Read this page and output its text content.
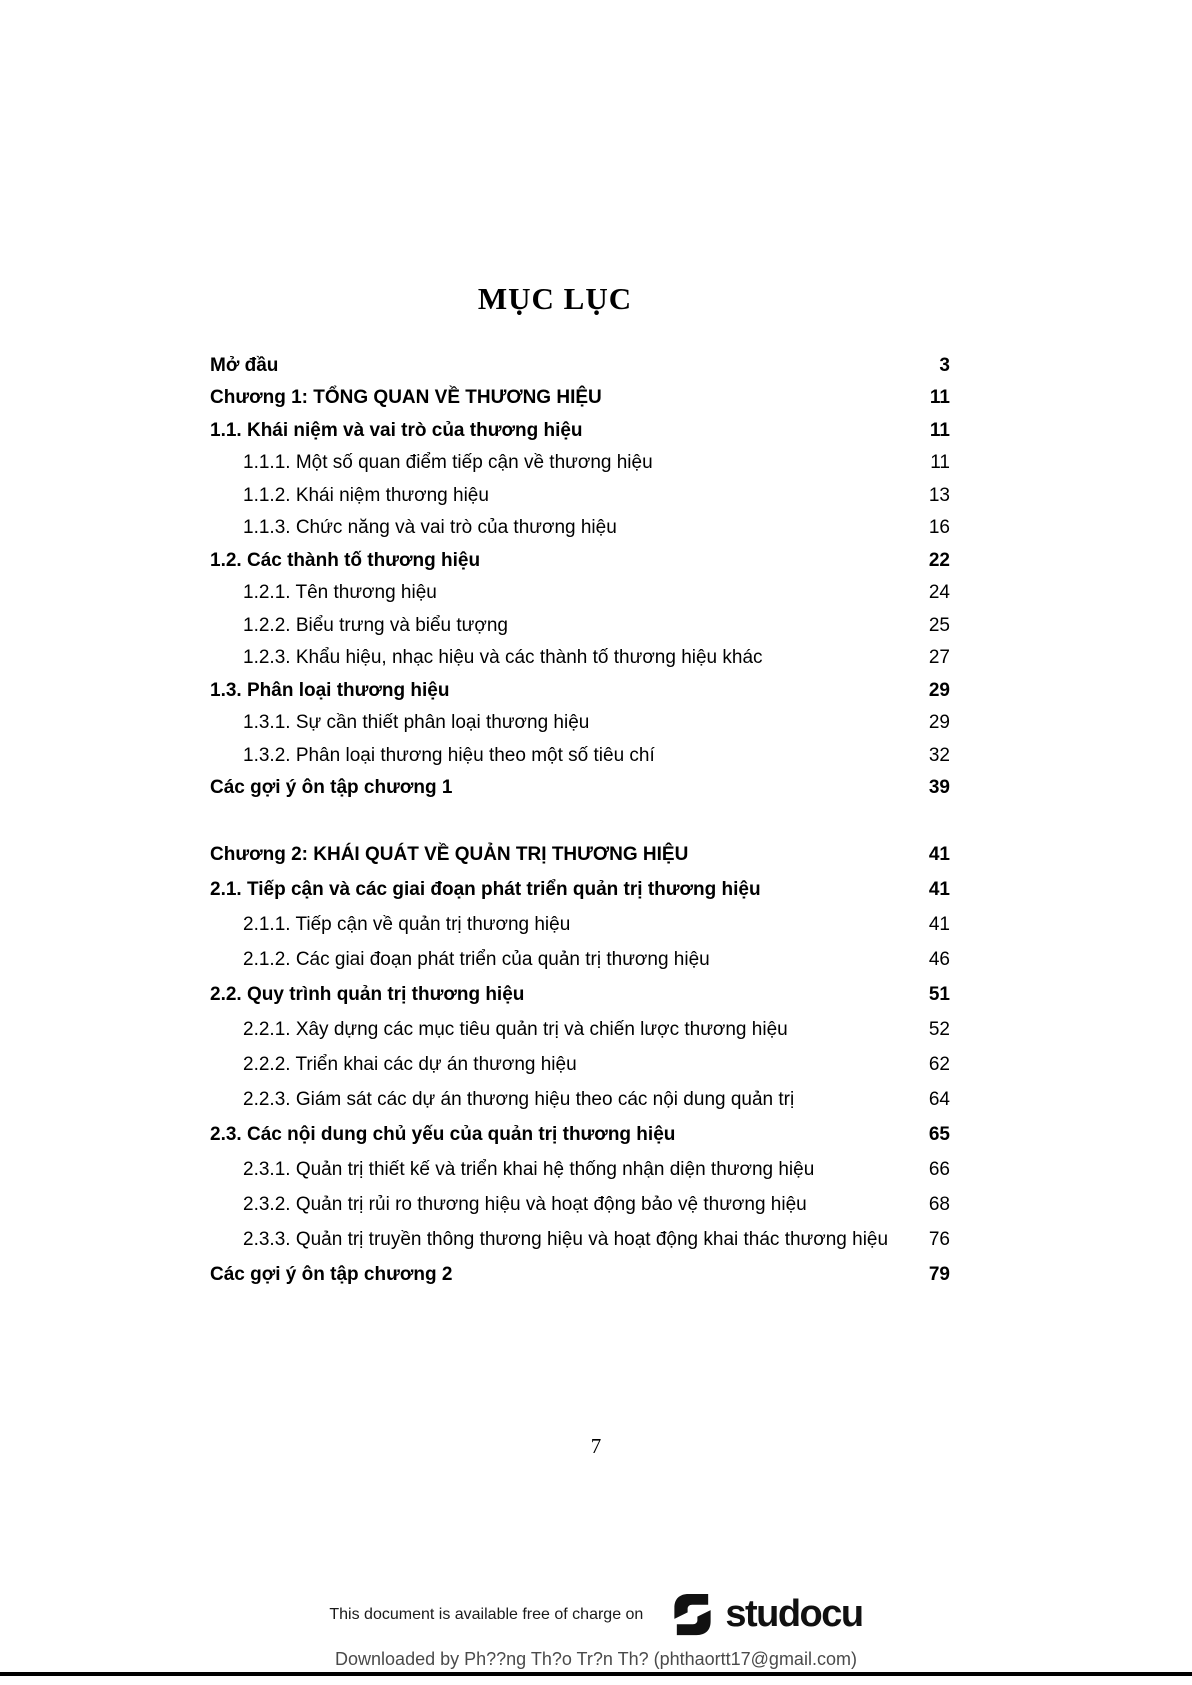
MỤC LỤC
Mở đầu	3
Chương 1: TỔNG QUAN VỀ THƯƠNG HIỆU	11
1.1. Khái niệm và vai trò của thương hiệu	11
1.1.1. Một số quan điểm tiếp cận về thương hiệu	11
1.1.2. Khái niệm thương hiệu	13
1.1.3. Chức năng và vai trò của thương hiệu	16
1.2. Các thành tố thương hiệu	22
1.2.1. Tên thương hiệu	24
1.2.2. Biểu trưng và biểu tượng	25
1.2.3. Khẩu hiệu, nhạc hiệu và các thành tố thương hiệu khác	27
1.3. Phân loại thương hiệu	29
1.3.1. Sự cần thiết phân loại thương hiệu	29
1.3.2. Phân loại thương hiệu theo một số tiêu chí	32
Các gợi ý ôn tập chương 1	39
Chương 2: KHÁI QUÁT VỀ QUẢN TRỊ THƯƠNG HIỆU	41
2.1. Tiếp cận và các giai đoạn phát triển quản trị thương hiệu	41
2.1.1. Tiếp cận về quản trị thương hiệu	41
2.1.2. Các giai đoạn phát triển của quản trị thương hiệu	46
2.2. Quy trình quản trị thương hiệu	51
2.2.1. Xây dựng các mục tiêu quản trị và chiến lược thương hiệu	52
2.2.2. Triển khai các dự án thương hiệu	62
2.2.3. Giám sát các dự án thương hiệu theo các nội dung quản trị	64
2.3. Các nội dung chủ yếu của quản trị thương hiệu	65
2.3.1. Quản trị thiết kế và triển khai hệ thống nhận diện thương hiệu	66
2.3.2. Quản trị rủi ro thương hiệu và hoạt động bảo vệ thương hiệu	68
2.3.3. Quản trị truyền thông thương hiệu và hoạt động khai thác thương hiệu	76
Các gợi ý ôn tập chương 2	79
7
This document is available free of charge on studocu
Downloaded by Ph??ng Th?o Tr?n Th? (phthaortt17@gmail.com)
